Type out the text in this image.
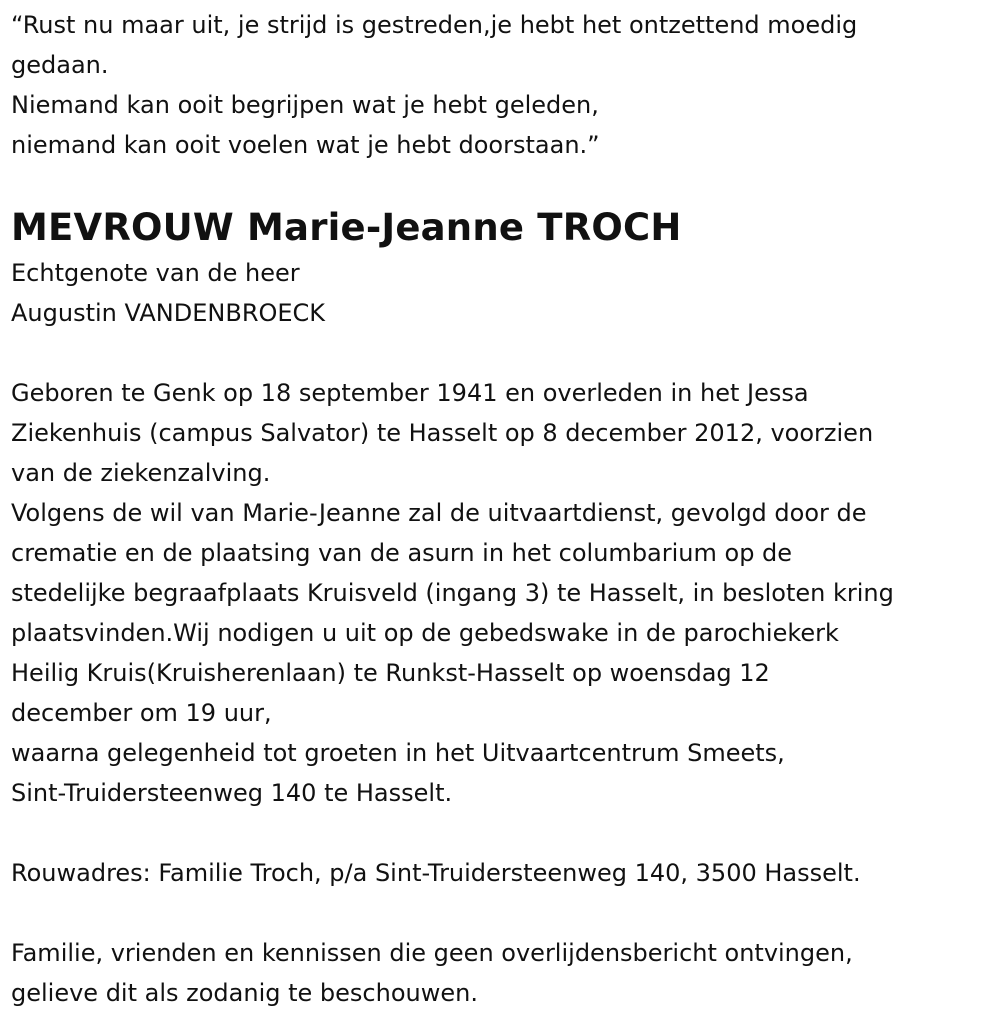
“Rust nu maar uit, je strijd is gestreden,je hebt het ontzettend moedig
gedaan.
Niemand kan ooit begrijpen wat je hebt geleden,
niemand kan ooit voelen wat je hebt doorstaan.”
MEVROUW Marie-Jeanne TROCH
Echtgenote van de heer
Augustin VANDENBROECK
Geboren te Genk op 18 september 1941 en overleden in het Jessa
Ziekenhuis (campus Salvator) te Hasselt op 8 december 2012, voorzien
van de ziekenzalving.
Volgens de wil van Marie-Jeanne zal de uitvaartdienst, gevolgd door de
crematie en de plaatsing van de asurn in het columbarium op de
stedelijke begraafplaats Kruisveld (ingang 3) te Hasselt, in besloten kring
plaatsvinden.Wij nodigen u uit op de gebedswake in de parochiekerk
Heilig Kruis(Kruisherenlaan) te Runkst-Hasselt op woensdag 12
december om 19 uur,
waarna gelegenheid tot groeten in het Uitvaartcentrum Smeets,
Sint-Truidersteenweg 140 te Hasselt.
Rouwadres: Familie Troch, p/a Sint-Truidersteenweg 140, 3500 Hasselt.
Familie, vrienden en kennissen die geen overlijdensbericht ontvingen,
gelieve dit als zodanig te beschouwen.
